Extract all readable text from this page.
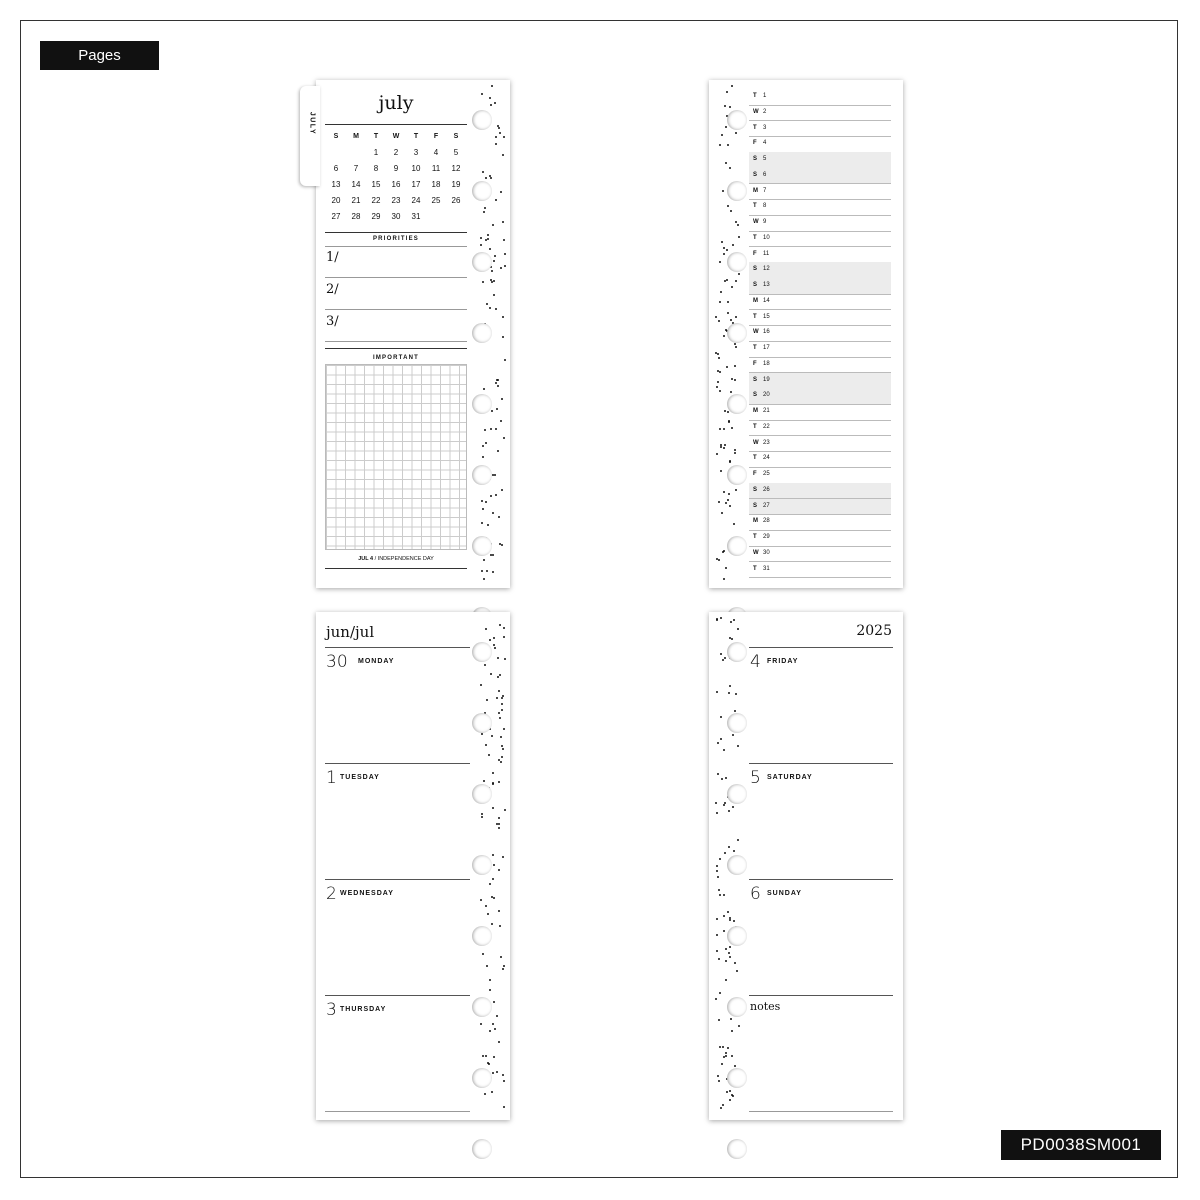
Pages
PD0038SM001
JULY
july
S	M	T	W	T	F	S
		1	2	3	4	5
6	7	8	9	10	11	12
13	14	15	16	17	18	19
20	21	22	23	24	25	26
27	28	29	30	31		
PRIORITIES
1/
2/
3/
IMPORTANT
JUL 4 / INDEPENDENCE DAY
T 1
W 2
T 3
F 4
S 5
S 6
M 7
T 8
W 9
T 10
F 11
S 12
S 13
M 14
T 15
W 16
T 17
F 18
S 19
S 20
M 21
T 22
W 23
T 24
F 25
S 26
S 27
M 28
T 29
W 30
T 31
jun/jul
30 MONDAY
1 TUESDAY
2 WEDNESDAY
3 THURSDAY
2025
4 FRIDAY
5 SATURDAY
6 SUNDAY
notes
